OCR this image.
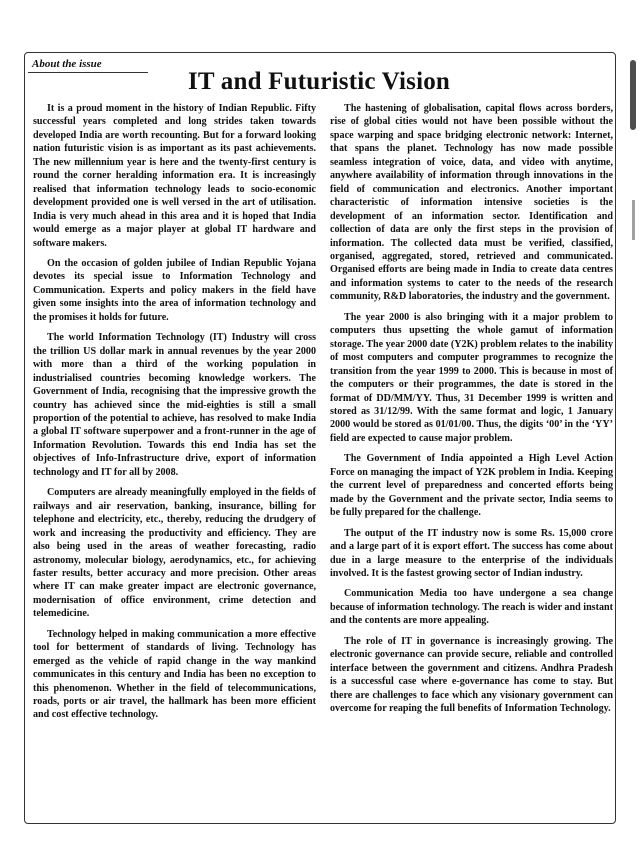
About the issue
IT and Futuristic Vision

It is a proud moment in the history of Indian Republic. Fifty successful years completed and long strides taken towards developed India are worth recounting. But for a forward looking nation futuristic vision is as important as its past achievements. The new millennium year is here and the twenty-first century is round the corner heralding information era. It is increasingly realised that information technology leads to socio-economic development provided one is well versed in the art of utilisation. India is very much ahead in this area and it is hoped that India would emerge as a major player at global IT hardware and software makers.

On the occasion of golden jubilee of Indian Republic Yojana devotes its special issue to Information Technology and Communication. Experts and policy makers in the field have given some insights into the area of information technology and the promises it holds for future.

The world Information Technology (IT) Industry will cross the trillion US dollar mark in annual revenues by the year 2000 with more than a third of the working population in industrialised countries becoming knowledge workers. The Government of India, recognising that the impressive growth the country has achieved since the mid-eighties is still a small proportion of the potential to achieve, has resolved to make India a global IT software superpower and a front-runner in the age of Information Revolution. Towards this end India has set the objectives of Info-Infrastructure drive, export of information technology and IT for all by 2008.

Computers are already meaningfully employed in the fields of railways and air reservation, banking, insurance, billing for telephone and electricity, etc., thereby, reducing the drudgery of work and increasing the productivity and efficiency. They are also being used in the areas of weather forecasting, radio astronomy, molecular biology, aerodynamics, etc., for achieving faster results, better accuracy and more precision. Other areas where IT can make greater impact are electronic governance, modernisation of office environment, crime detection and telemedicine.

Technology helped in making communication a more effective tool for betterment of standards of living. Technology has emerged as the vehicle of rapid change in the way mankind communicates in this century and India has been no exception to this phenomenon. Whether in the field of telecommunications, roads, ports or air travel, the hallmark has been more efficient and cost effective technology.

The hastening of globalisation, capital flows across borders, rise of global cities would not have been possible without the space warping and space bridging electronic network: Internet, that spans the planet. Technology has now made possible seamless integration of voice, data, and video with anytime, anywhere availability of information through innovations in the field of communication and electronics. Another important characteristic of information intensive societies is the development of an information sector. Identification and collection of data are only the first steps in the provision of information. The collected data must be verified, classified, organised, aggregated, stored, retrieved and communicated. Organised efforts are being made in India to create data centres and information systems to cater to the needs of the research community, R&D laboratories, the industry and the government.

The year 2000 is also bringing with it a major problem to computers thus upsetting the whole gamut of information storage. The year 2000 date (Y2K) problem relates to the inability of most computers and computer programmes to recognize the transition from the year 1999 to 2000. This is because in most of the computers or their programmes, the date is stored in the format of DD/MM/YY. Thus, 31 December 1999 is written and stored as 31/12/99. With the same format and logic, 1 January 2000 would be stored as 01/01/00. Thus, the digits ‘00’ in the ‘YY’ field are expected to cause major problem.

The Government of India appointed a High Level Action Force on managing the impact of Y2K problem in India. Keeping the current level of preparedness and concerted efforts being made by the Government and the private sector, India seems to be fully prepared for the challenge.

The output of the IT industry now is some Rs. 15,000 crore and a large part of it is export effort. The success has come about due in a large measure to the enterprise of the individuals involved. It is the fastest growing sector of Indian industry.

Communication Media too have undergone a sea change because of information technology. The reach is wider and instant and the contents are more appealing.

The role of IT in governance is increasingly growing. The electronic governance can provide secure, reliable and controlled interface between the government and citizens. Andhra Pradesh is a successful case where e-governance has come to stay. But there are challenges to face which any visionary government can overcome for reaping the full benefits of Information Technology.
